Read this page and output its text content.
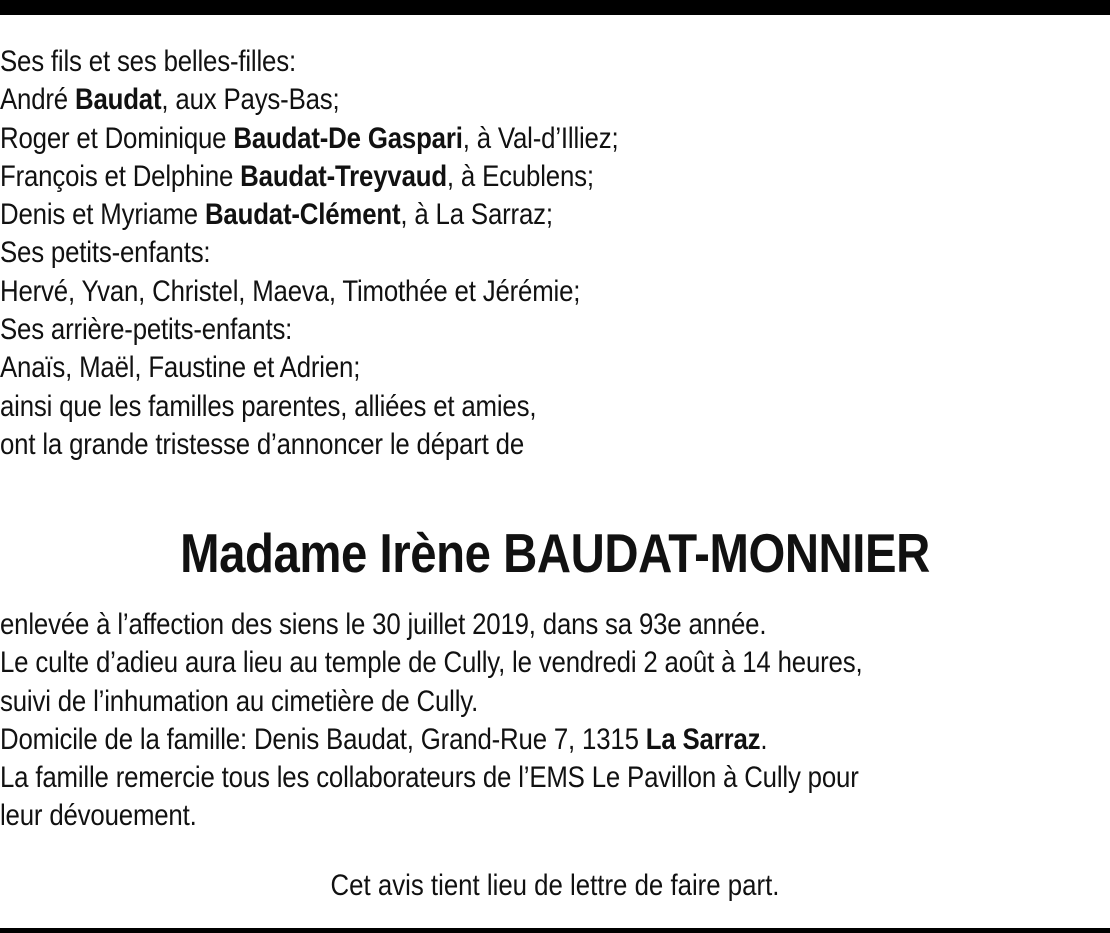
Ses fils et ses belles-filles:
André Baudat, aux Pays-Bas;
Roger et Dominique Baudat-De Gaspari, à Val-d’Illiez;
François et Delphine Baudat-Treyvaud, à Ecublens;
Denis et Myriame Baudat-Clément, à La Sarraz;
Ses petits-enfants:
Hervé, Yvan, Christel, Maeva, Timothée et Jérémie;
Ses arrière-petits-enfants:
Anaïs, Maël, Faustine et Adrien;
ainsi que les familles parentes, alliées et amies,
ont la grande tristesse d’annoncer le départ de
Madame Irène BAUDAT-MONNIER
enlevée à l’affection des siens le 30 juillet 2019, dans sa 93e année.
Le culte d’adieu aura lieu au temple de Cully, le vendredi 2 août à 14 heures,
suivi de l’inhumation au cimetière de Cully.
Domicile de la famille: Denis Baudat, Grand-Rue 7, 1315 La Sarraz.
La famille remercie tous les collaborateurs de l’EMS Le Pavillon à Cully pour
leur dévouement.
Cet avis tient lieu de lettre de faire part.
